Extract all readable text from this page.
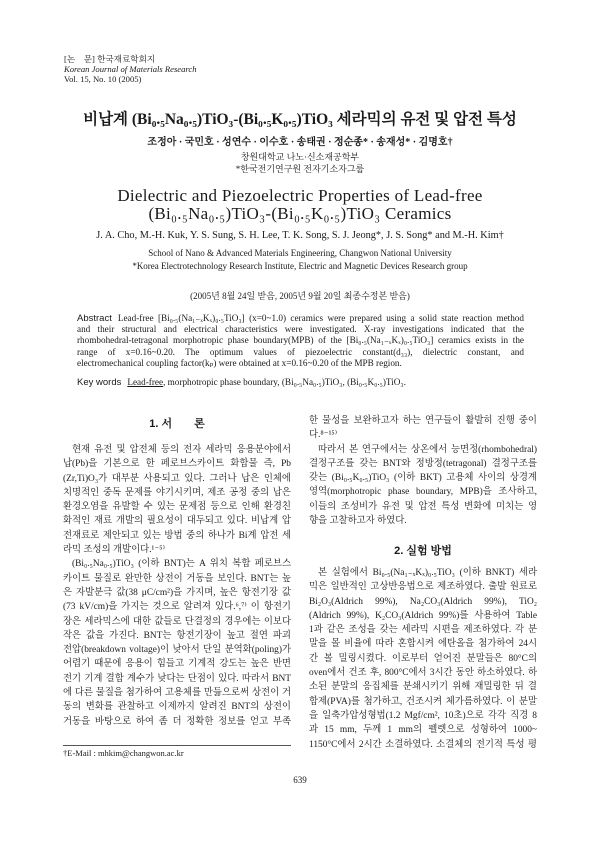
[논　문] 한국재료학회지
Korean Journal of Materials Research
Vol. 15, No. 10 (2005)
비납계 (Bi₀.₅Na₀.₅)TiO₃-(Bi₀.₅K₀.₅)TiO₃ 세라믹의 유전 및 압전 특성
조정아 · 국민호 · 성연수 · 이수호 · 송태권 · 정순종* · 송재성* · 김명호†
창원대학교 나노·신소재공학부
*한국전기연구원 전자기소자그룹
Dielectric and Piezoelectric Properties of Lead-free
(Bi₀.₅Na₀.₅)TiO₃-(Bi₀.₅K₀.₅)TiO₃ Ceramics
J. A. Cho, M.-H. Kuk, Y. S. Sung, S. H. Lee, T. K. Song, S. J. Jeong*, J. S. Song* and M.-H. Kim†
School of Nano & Advanced Materials Engineering, Changwon National University
*Korea Electrotechnology Research Institute, Electric and Magnetic Devices Research group
(2005년 8월 24일 받음, 2005년 9월 20일 최종수정본 받음)
Abstract Lead-free [Bi₀.₅(Na₁₋ₓKₓ)₀.₅TiO₃] (x=0~1.0) ceramics were prepared using a solid state reaction method
and their structural and electrical characteristics were investigated. X-ray investigations indicated that the
rhombohedral-tetragonal morphotropic phase boundary(MPB) of the [Bi₀.₅(Na₁₋ₓKₓ)₀.₅TiO₃] ceramics exists in the
range of x=0.16~0.20. The optimum values of piezoelectric constant(d₃₃), dielectric constant, and
electromechanical coupling factor(kₚ) were obtained at x=0.16~0.20 of the MPB region.
Key words Lead-free, morphotropic phase boundary, (Bi₀.₅Na₀.₅)TiO₃, (Bi₀.₅K₀.₅)TiO₃.
1. 서　　론
현재 유전 및 압전체 등의 전자 세라믹 응용분야에서
납(Pb)을 기본으로 한 페로브스카이트 화합물 즉, Pb
(Zr,Ti)O₃가 대부분 사용되고 있다. 그러나 납은 인체에
치명적인 중독 문제를 야기시키며, 제조 공정 중의 납은
환경오염을 유발할 수 있는 문제점 등으로 인해 환경친
화적인 재료 개발의 필요성이 대두되고 있다. 비납계 압
전재료로 제안되고 있는 방법 중의 하나가 Bi계 압전 세
라믹 조성의 개발이다.¹⁻⁵⁾
(Bi₀.₅Na₀.₅)TiO₃ (이하 BNT)는 A 위치 복합 페로브스
카이트 물질로 완만한 상전이 거동을 보인다. BNT는 높
은 자발분극 값(38 μC/cm²)을 가지며, 높은 항전기장 값
(73 kV/cm)을 가지는 것으로 알려져 있다.⁶,⁷⁾ 이 항전기
장은 세라믹스에 대한 값들로 단결정의 경우에는 이보다
작은 값을 가진다. BNT는 항전기장이 높고 절연 파괴
전압(breakdown voltage)이 낮아서 단일 분역화(poling)가
어렵기 때문에 응용이 힘들고 기계적 강도는 높은 반면
전기 기계 결합 계수가 낮다는 단점이 있다. 따라서 BNT
에 다른 물질을 첨가하여 고용체를 만듦으로써 상전이 거
동의 변화를 관찰하고 이제까지 알려진 BNT의 상전이
거동을 바탕으로 하여 좀 더 정확한 정보를 얻고 부족
한 물성을 보완하고자 하는 연구들이 활발히 진행 중이
다.⁸⁻¹⁵⁾
따라서 본 연구에서는 상온에서 능면정(rhombohedral)
결정구조를 갖는 BNT와 정방정(tetragonal) 결정구조를
갖는 (Bi₀.₅K₀.₅)TiO₃ (이하 BKT) 고용체 사이의 상경계
영역(morphotropic phase boundary, MPB)을 조사하고,
이들의 조성비가 유전 및 압전 특성 변화에 미치는 영
향을 고찰하고자 하였다.
2. 실험 방법
본 실험에서 Bi₀.₅(Na₁₋ₓKₓ)₀.₅TiO₃ (이하 BNKT) 세라
믹은 일반적인 고상반응법으로 제조하였다. 출발 원료로
Bi₂O₃(Aldrich 99%), Na₂CO₃(Aldrich 99%), TiO₂
(Aldrich 99%), K₂CO₃(Aldrich 99%)를 사용하여 Table
1과 같은 조성을 갖는 세라믹 시편을 제조하였다. 각 분
말을 몰 비율에 따라 혼합시켜 에탄올을 첨가하여 24시
간 볼 밀링시켰다. 이로부터 얻어진 분말들은 80°C의
oven에서 건조 후, 800°C에서 3시간 동안 하소하였다. 하
소된 분말의 응집체를 분쇄시키기 위해 재밀링한 뒤 결
합제(PVA)를 첨가하고, 건조시켜 체가름하였다. 이 분말
을 일축가압성형법(1.2 Mgf/cm², 10초)으로 각각 직경 8
과 15 mm, 두께 1 mm의 펠렛으로 성형하여 1000~
1150°C에서 2시간 소결하였다. 소결체의 전기적 특성 평
†E-Mail : mhkim@changwon.ac.kr
639
